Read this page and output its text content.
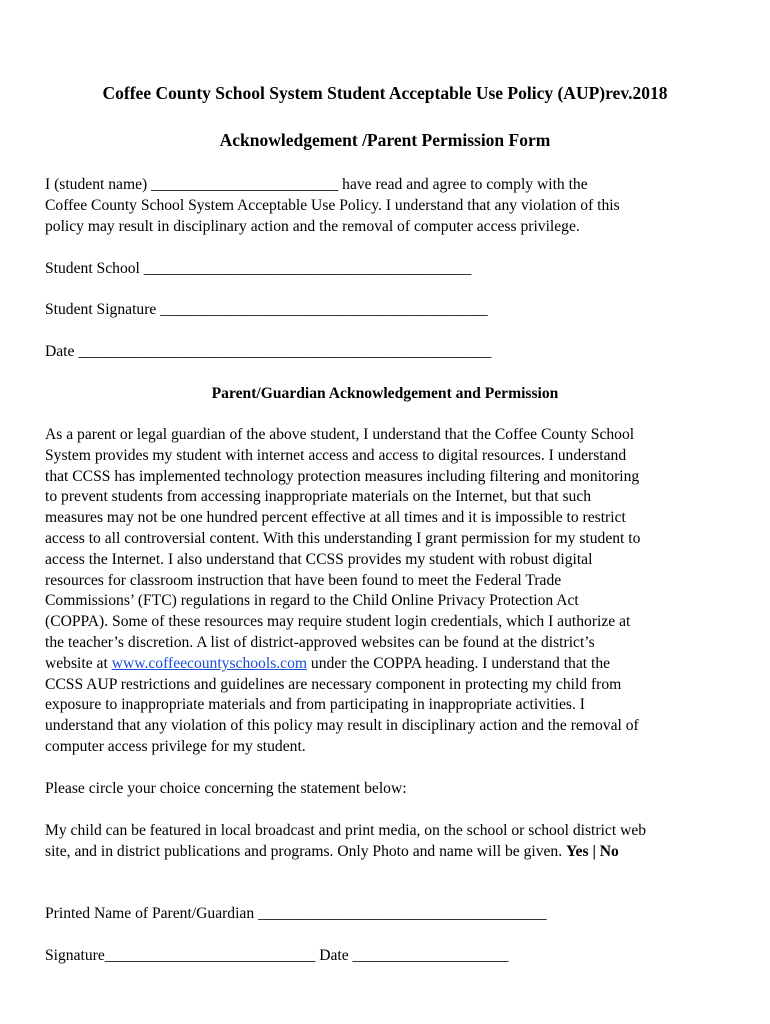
Coffee County School System Student Acceptable Use Policy (AUP)rev.2018
Acknowledgement /Parent Permission Form
I (student name) ________________________ have read and agree to comply with the
Coffee County School System Acceptable Use Policy. I understand that any violation of this
policy may result in disciplinary action and the removal of computer access privilege.
Student School __________________________________________
Student Signature __________________________________________
Date _____________________________________________________
Parent/Guardian Acknowledgement and Permission
As a parent or legal guardian of the above student, I understand that the Coffee County School
System provides my student with internet access and access to digital resources. I understand
that CCSS has implemented technology protection measures including filtering and monitoring
to prevent students from accessing inappropriate materials on the Internet, but that such
measures may not be one hundred percent effective at all times and it is impossible to restrict
access to all controversial content. With this understanding I grant permission for my student to
access the Internet. I also understand that CCSS provides my student with robust digital
resources for classroom instruction that have been found to meet the Federal Trade
Commissions’ (FTC) regulations in regard to the Child Online Privacy Protection Act
(COPPA). Some of these resources may require student login credentials, which I authorize at
the teacher’s discretion. A list of district-approved websites can be found at the district’s
website at www.coffeecountyschools.com under the COPPA heading. I understand that the
CCSS AUP restrictions and guidelines are necessary component in protecting my child from
exposure to inappropriate materials and from participating in inappropriate activities. I
understand that any violation of this policy may result in disciplinary action and the removal of
computer access privilege for my student.
Please circle your choice concerning the statement below:
My child can be featured in local broadcast and print media, on the school or school district web
site, and in district publications and programs. Only Photo and name will be given. Yes | No
Printed Name of Parent/Guardian _____________________________________
Signature___________________________ Date ____________________
